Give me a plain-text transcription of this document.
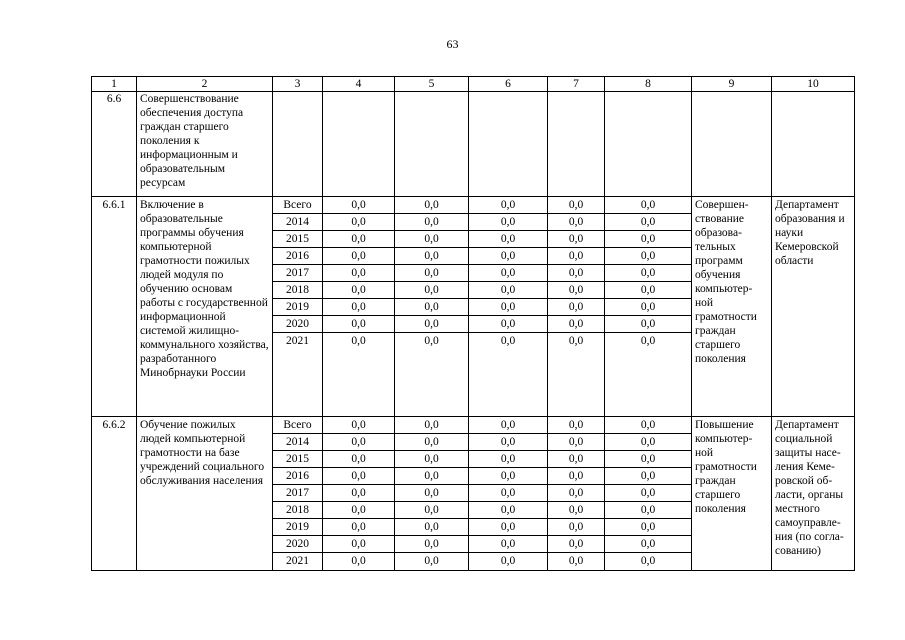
63
1	2	3	4	5	6	7	8	9	10
6.6	Совершенствование обеспечения доступа граждан старшего поколения к информационным и образовательным ресурсам								
6.6.1	Включение в образовательные программы обучения компьютерной грамотности пожилых людей модуля по обучению основам работы с государственной информационной системой жилищно-коммунального хозяйства, разработанного Минобрнауки России	Всего	0,0	0,0	0,0	0,0	0,0	Совершен-ствование образова-тельных программ обучения компьютер-ной грамотности граждан старшего поколения	Департамент образования и науки Кемеровской области
		2014	0,0	0,0	0,0	0,0	0,0		
		2015	0,0	0,0	0,0	0,0	0,0		
		2016	0,0	0,0	0,0	0,0	0,0		
		2017	0,0	0,0	0,0	0,0	0,0		
		2018	0,0	0,0	0,0	0,0	0,0		
		2019	0,0	0,0	0,0	0,0	0,0		
		2020	0,0	0,0	0,0	0,0	0,0		
		2021	0,0	0,0	0,0	0,0	0,0		
6.6.2	Обучение пожилых людей компьютерной грамотности на базе учреждений социального обслуживания населения	Всего	0,0	0,0	0,0	0,0	0,0	Повышение компьютер-ной грамотности граждан старшего поколения	Департамент социальной защиты насе-ления Кеме-ровской об-ласти, органы местного самоуправле-ния (по согла-сованию)
		2014	0,0	0,0	0,0	0,0	0,0		
		2015	0,0	0,0	0,0	0,0	0,0		
		2016	0,0	0,0	0,0	0,0	0,0		
		2017	0,0	0,0	0,0	0,0	0,0		
		2018	0,0	0,0	0,0	0,0	0,0		
		2019	0,0	0,0	0,0	0,0	0,0		
		2020	0,0	0,0	0,0	0,0	0,0		
		2021	0,0	0,0	0,0	0,0	0,0		
